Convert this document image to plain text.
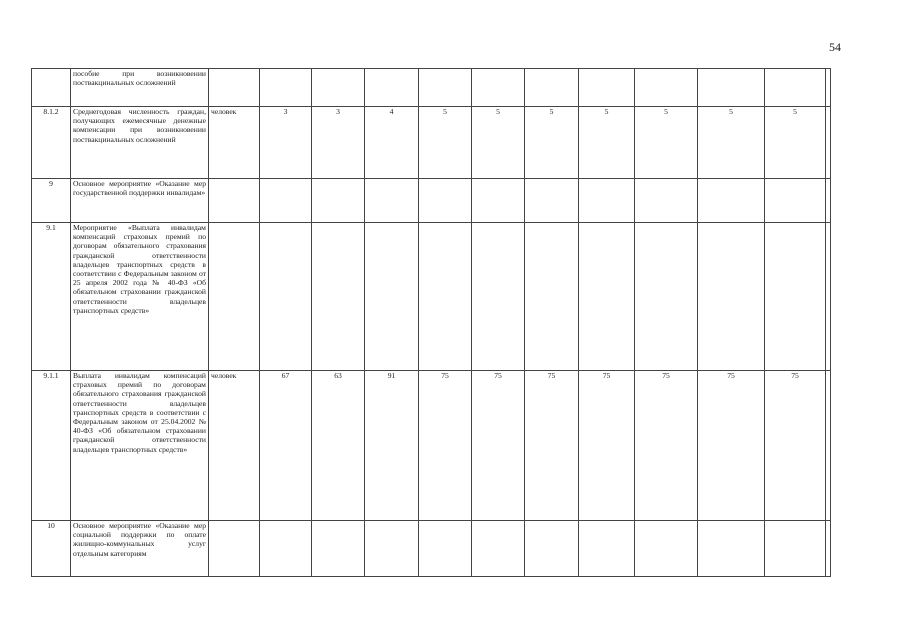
54
	пособие при возникновении поствакцинальных осложнений												
8.1.2	Среднегодовая численность граждан, получающих ежемесячные денежные компенсации при возникновении поствакцинальных осложнений	человек	3	3	4	5	5	5	5	5	5	5	
9	Основное мероприятие «Оказание мер государственной поддержки инвалидам»												
9.1	Мероприятие «Выплата инвалидам компенсаций страховых премий по договорам обязательного страхования гражданской ответственности владельцев транспортных средств в соответствии с Федеральным законом от 25 апреля 2002 года № 40-ФЗ «Об обязательном страховании гражданской ответственности владельцев транспортных средств»												
9.1.1	Выплата инвалидам компенсаций страховых премий по договорам обязательного страхования гражданской ответственности владельцев транспортных средств в соответствии с Федеральным законом от 25.04.2002 № 40-ФЗ «Об обязательном страховании гражданской ответственности владельцев транспортных средств»	человек	67	63	91	75	75	75	75	75	75	75	
10	Основное мероприятие «Оказание мер социальной поддержки по оплате жилищно-коммунальных услуг отдельным категориям												
